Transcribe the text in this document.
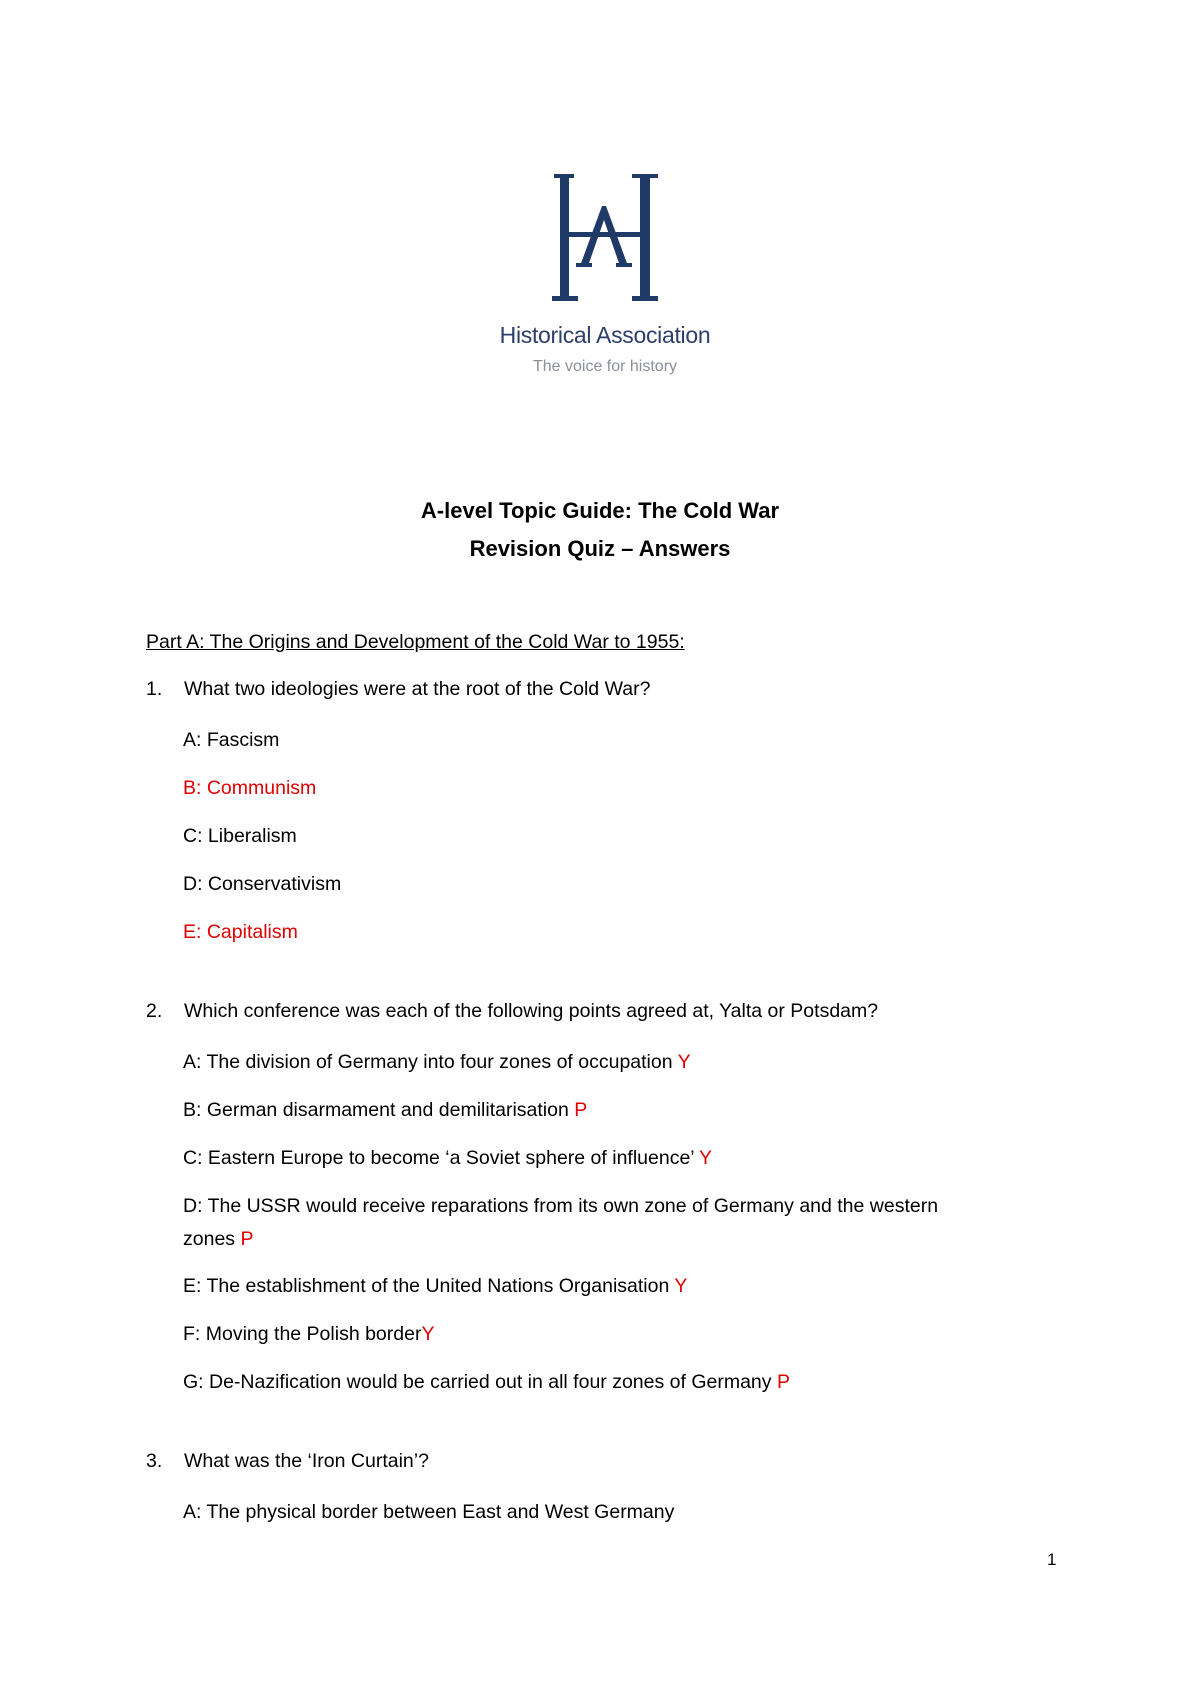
Historical Association
The voice for history
A-level Topic Guide: The Cold War
Revision Quiz – Answers
Part A: The Origins and Development of the Cold War to 1955:
1. What two ideologies were at the root of the Cold War?
A: Fascism
B: Communism
C: Liberalism
D: Conservativism
E: Capitalism
2. Which conference was each of the following points agreed at, Yalta or Potsdam?
A: The division of Germany into four zones of occupation Y
B: German disarmament and demilitarisation P
C: Eastern Europe to become ‘a Soviet sphere of influence’ Y
D: The USSR would receive reparations from its own zone of Germany and the western
zones P
E: The establishment of the United Nations Organisation Y
F: Moving the Polish borderY
G: De-Nazification would be carried out in all four zones of Germany P
3. What was the ‘Iron Curtain’?
A: The physical border between East and West Germany
1
